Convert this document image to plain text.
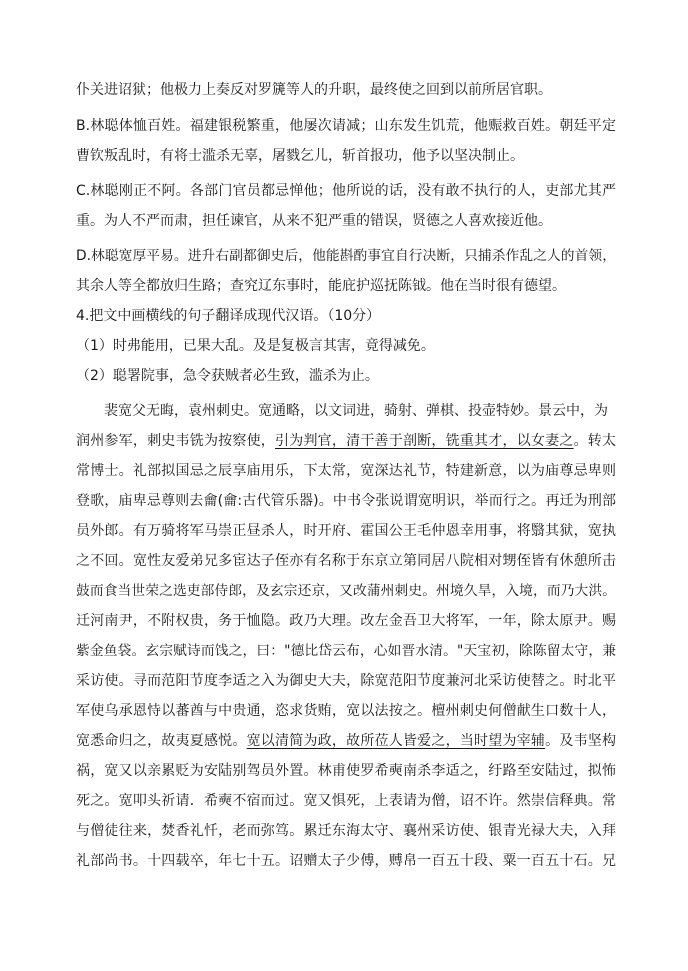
仆关进诏狱；他极力上奏反对罗篪等人的升职，最终使之回到以前所居官职。
B.林聪体恤百姓。福建银税繁重，他屡次请减；山东发生饥荒，他赈救百姓。朝廷平定
曹钦叛乱时，有将士滥杀无辜，屠戮乞儿，斩首报功，他予以坚决制止。
C.林聪刚正不阿。各部门官员都忌惮他；他所说的话，没有敢不执行的人，吏部尤其严
重。为人不严而肃，担任谏官，从来不犯严重的错误，贤德之人喜欢接近他。
D.林聪宽厚平易。进升右副都御史后，他能斟酌事宜自行决断，只捕杀作乱之人的首领，
其余人等全都放归生路；查究辽东事时，能庇护巡抚陈钺。他在当时很有德望。
4.把文中画横线的句子翻译成现代汉语。（10分）
（1）时弗能用，已果大乱。及是复极言其害，竟得减免。
（2）聪署院事，急令获贼者必生致，滥杀为止。
裴宽父无晦，袁州刺史。宽通略，以文词进，骑射、弹棋、投壶特妙。景云中，为
润州参军，刺史韦铣为按察使，引为判官，清干善于剖断，铣重其才，以女妻之。转太
常博士。礼部拟国忌之辰享庙用乐，下太常，宽深达礼节，特建新意，以为庙尊忌卑则
登歌，庙卑忌尊则去龠(龠:古代管乐器)。中书令张说谓宽明识，举而行之。再迁为刑部
员外郎。有万骑将军马崇正昼杀人，时开府、霍国公王毛仲恩幸用事，将翳其狱，宽执
之不回。宽性友爱弟兄多宦达子侄亦有名称于东京立第同居八院相对甥侄皆有休憩所击
鼓而食当世荣之选吏部侍郎，及玄宗还京，又改蒲州刺史。州境久旱，入境，而乃大洪。
迁河南尹，不附权贵，务于恤隐。政乃大理。改左金吾卫大将军，一年，除太原尹。赐
紫金鱼袋。玄宗赋诗而饯之，曰："德比岱云布，心如晋水清。"天宝初，除陈留太守，兼
采访使。寻而范阳节度李适之入为御史大夫，除宽范阳节度兼河北采访使替之。时北平
军使乌承恩恃以蕃酋与中贵通，恣求货贿，宽以法按之。檀州刺史何僧献生口数十人，
宽悉命归之，故夷夏感悦。宽以清简为政，故所莅人皆爱之，当时望为宰辅。及韦坚构
祸，宽又以亲累贬为安陆别驾员外置。林甫使罗希奭南杀李适之，纡路至安陆过，拟怖
死之。宽叩头祈请．希奭不宿而过。宽又惧死，上表请为僧，诏不许。然崇信释典。常
与僧徒往来，焚香礼忏，老而弥笃。累迁东海太守、襄州采访使、银青光禄大夫，入拜
礼部尚书。十四载卒，年七十五。诏赠太子少傅，赙帛一百五十段、粟一百五十石。兄
